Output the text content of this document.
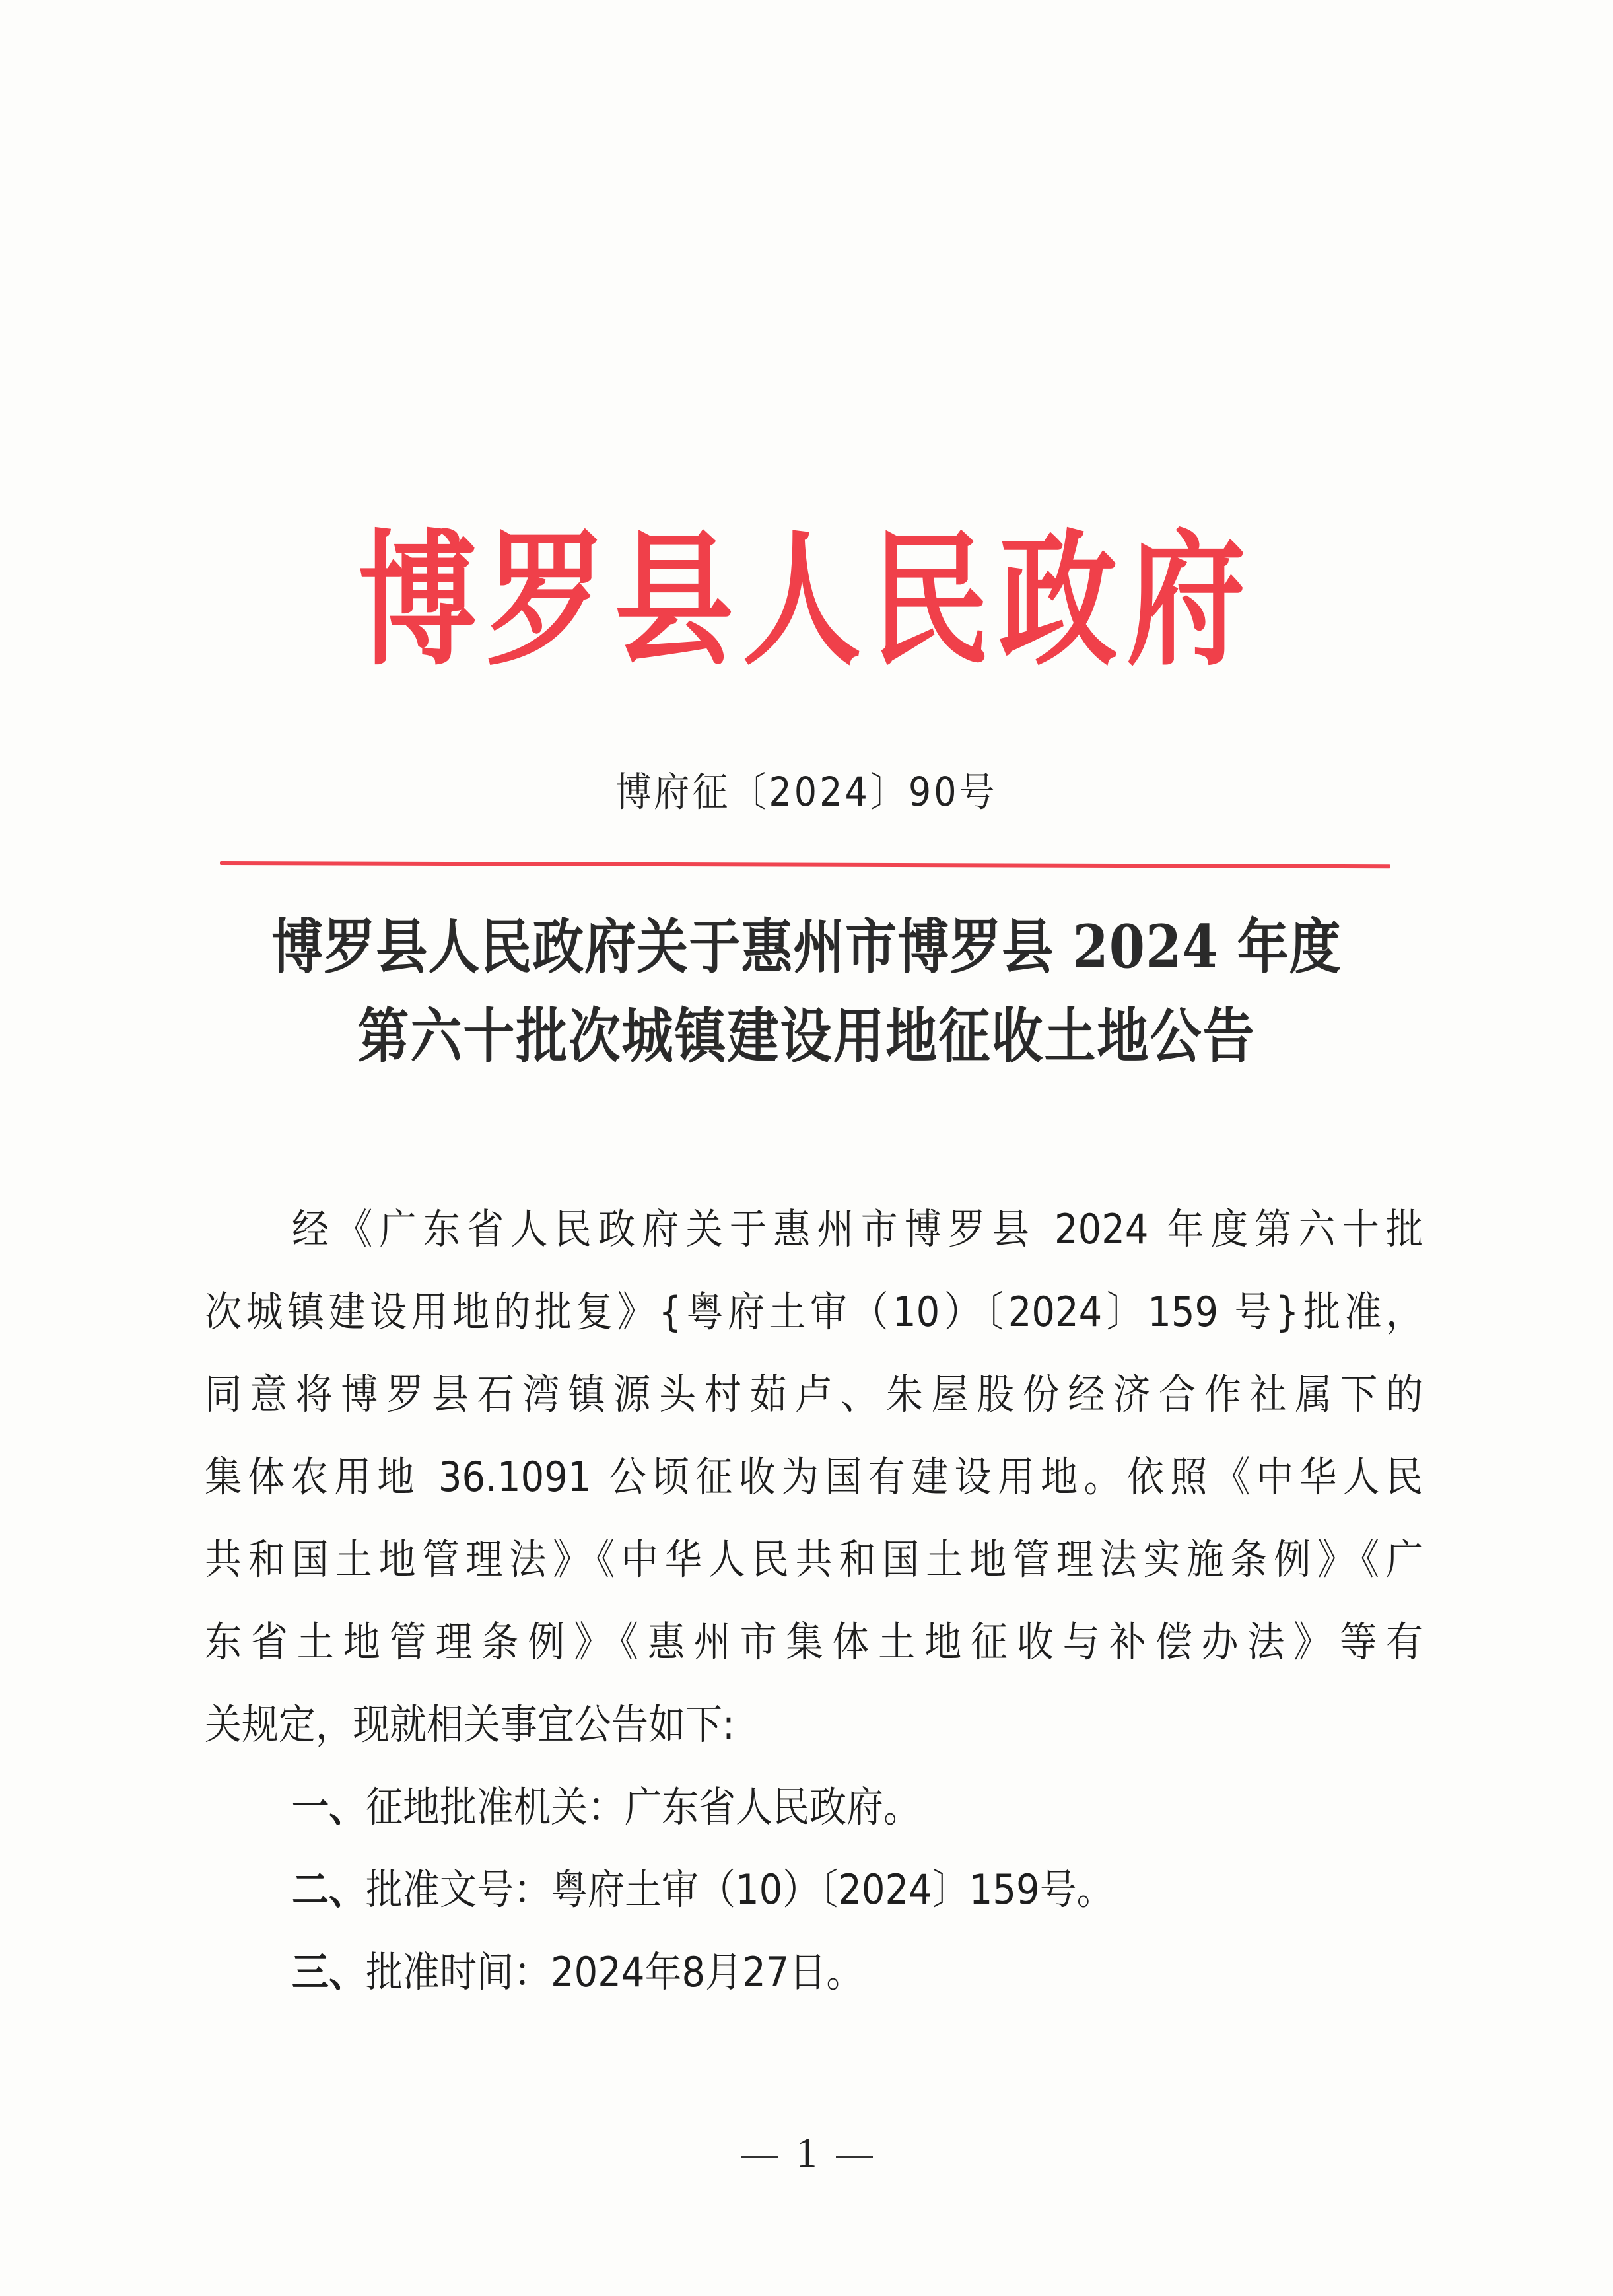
博罗县人民政府
博府征〔2024〕90号
博罗县人民政府关于惠州市博罗县 2024 年度
第六十批次城镇建设用地征收土地公告
经《广东省人民政府关于惠州市博罗县 2024 年度第六十批
次城镇建设用地的批复》{粤府土审（10）〔2024〕159 号}批准，
同意将博罗县石湾镇源头村茹卢、朱屋股份经济合作社属下的
集体农用地 36.1091 公顷征收为国有建设用地。依照《中华人民
共和国土地管理法》《中华人民共和国土地管理法实施条例》《广
东省土地管理条例》《惠州市集体土地征收与补偿办法》等有
关规定，现就相关事宜公告如下:
一、征地批准机关：广东省人民政府。
二、批准文号：粤府土审（10）〔2024〕159号。
三、批准时间：2024年8月27日。
1
